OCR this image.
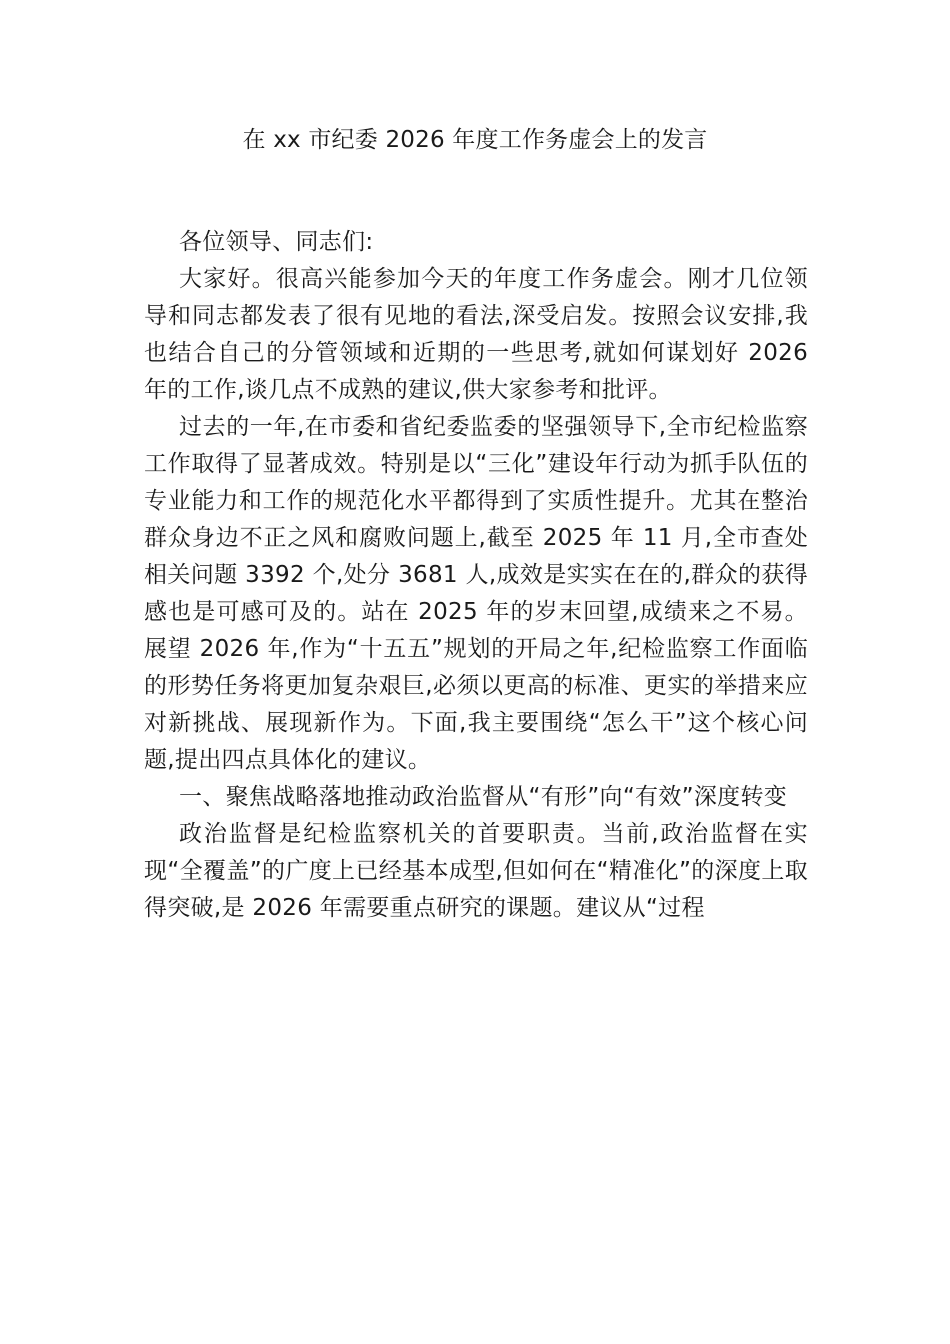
在 xx 市纪委 2026 年度工作务虚会上的发言

各位领导、同志们:

大家好。很高兴能参加今天的年度工作务虚会。刚才几位领导和同志都发表了很有见地的看法,深受启发。按照会议安排,我也结合自己的分管领域和近期的一些思考,就如何谋划好 2026 年的工作,谈几点不成熟的建议,供大家参考和批评。

过去的一年,在市委和省纪委监委的坚强领导下,全市纪检监察工作取得了显著成效。特别是以“三化”建设年行动为抓手队伍的专业能力和工作的规范化水平都得到了实质性提升。尤其在整治群众身边不正之风和腐败问题上,截至 2025 年 11 月,全市查处相关问题 3392 个,处分 3681 人,成效是实实在在的,群众的获得感也是可感可及的。站在 2025 年的岁末回望,成绩来之不易。展望 2026 年,作为“十五五”规划的开局之年,纪检监察工作面临的形势任务将更加复杂艰巨,必须以更高的标准、更实的举措来应对新挑战、展现新作为。下面,我主要围绕“怎么干”这个核心问题,提出四点具体化的建议。

一、聚焦战略落地推动政治监督从“有形”向“有效”深度转变

政治监督是纪检监察机关的首要职责。当前,政治监督在实现“全覆盖”的广度上已经基本成型,但如何在“精准化”的深度上取得突破,是 2026 年需要重点研究的课题。建议从“过程
